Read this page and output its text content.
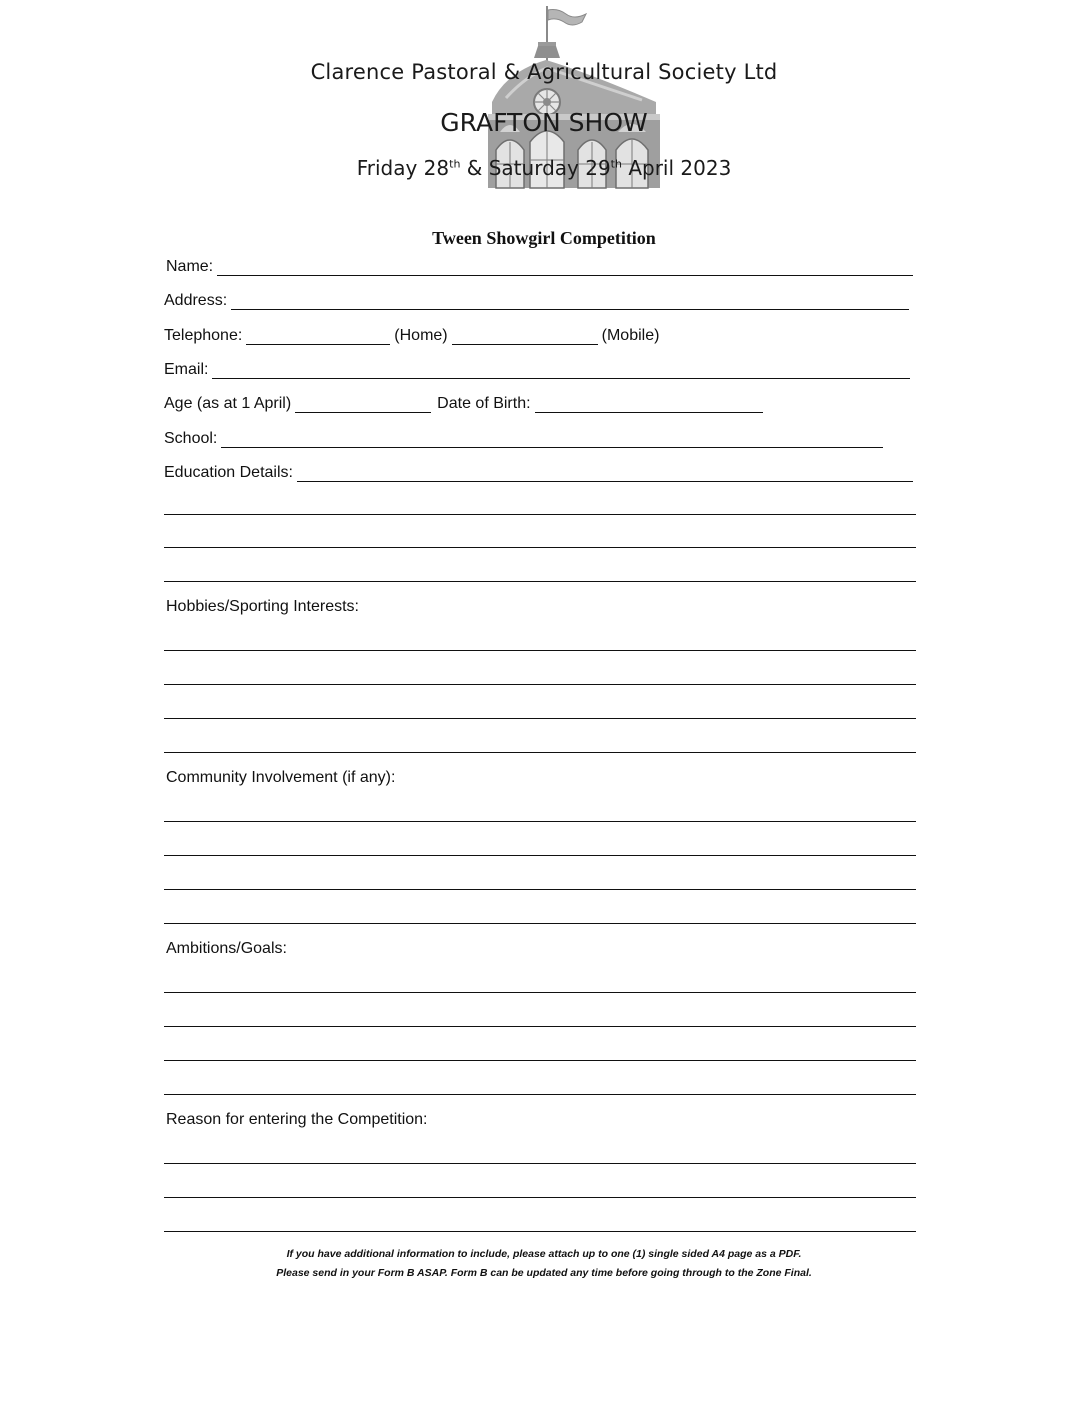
Clarence Pastoral & Agricultural Society Ltd
GRAFTON SHOW
Friday 28th & Saturday 29th April 2023
Tween Showgirl Competition
Name:
Address:
Telephone:	(Home)	(Mobile)
Email:
Age (as at 1 April)	Date of Birth:
School:
Education Details:
Hobbies/Sporting Interests:
Community Involvement (if any):
Ambitions/Goals:
Reason for entering the Competition:
If you have additional information to include, please attach up to one (1) single sided A4 page as a PDF.
Please send in your Form B ASAP. Form B can be updated any time before going through to the Zone Final.
